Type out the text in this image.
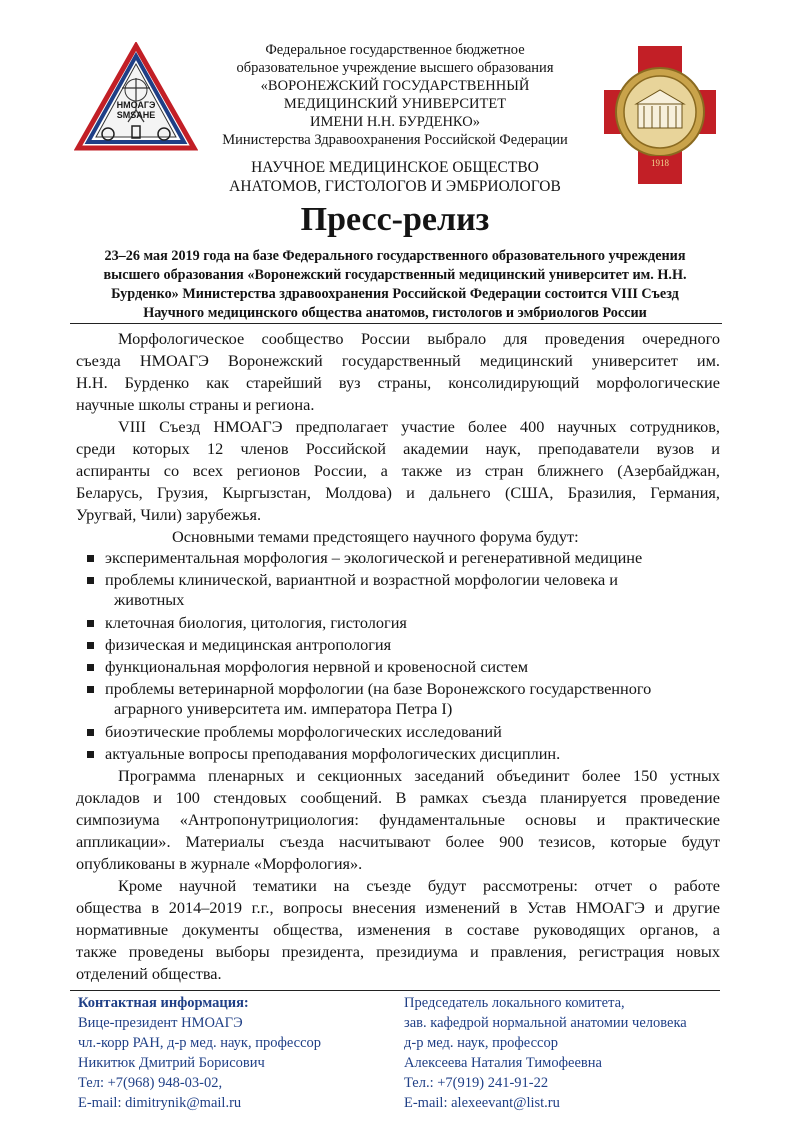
НМОАГЭ
SMSAHE
1918
Федеральное государственное бюджетное
образовательное учреждение высшего образования
«ВОРОНЕЖСКИЙ ГОСУДАРСТВЕННЫЙ
МЕДИЦИНСКИЙ УНИВЕРСИТЕТ
ИМЕНИ Н.Н. БУРДЕНКО»
Министерства Здравоохранения Российской Федерации
НАУЧНОЕ МЕДИЦИНСКОЕ ОБЩЕСТВО
АНАТОМОВ, ГИСТОЛОГОВ И ЭМБРИОЛОГОВ
Пресс-релиз
23–26 мая 2019 года на базе Федерального государственного образовательного учреждения
высшего образования «Воронежский государственный медицинский университет им. Н.Н.
Бурденко» Министерства здравоохранения Российской Федерации состоится VIII Съезд
Научного медицинского общества анатомов, гистологов и эмбриологов России
Морфологическое сообщество России выбрало для проведения очередного
съезда НМОАГЭ Воронежский государственный медицинский университет им.
Н.Н. Бурденко как старейший вуз страны, консолидирующий морфологические
научные школы страны и региона.
VIII Съезд НМОАГЭ предполагает участие более 400 научных сотрудников,
среди которых 12 членов Российской академии наук, преподаватели вузов и
аспиранты со всех регионов России, а также из стран ближнего (Азербайджан,
Беларусь, Грузия, Кыргызстан, Молдова) и дальнего (США, Бразилия, Германия,
Уругвай, Чили) зарубежья.
Основными темами предстоящего научного форума будут:
экспериментальная морфология – экологической и регенеративной медицине
проблемы клинической, вариантной и возрастной морфологии человека и
животных
клеточная биология, цитология, гистология
физическая и медицинская антропология
функциональная морфология нервной и кровеносной систем
проблемы ветеринарной морфологии (на базе Воронежского государственного
аграрного университета им. императора Петра I)
биоэтические проблемы морфологических исследований
актуальные вопросы преподавания морфологических дисциплин.
Программа пленарных и секционных заседаний объединит более 150 устных
докладов и 100 стендовых сообщений. В рамках съезда планируется проведение
симпозиума «Антропонутрициология: фундаментальные основы и практические
аппликации». Материалы съезда насчитывают более 900 тезисов, которые будут
опубликованы в журнале «Морфология».
Кроме научной тематики на съезде будут рассмотрены: отчет о работе
общества в 2014–2019 г.г., вопросы внесения изменений в Устав НМОАГЭ и другие
нормативные документы общества, изменения в составе руководящих органов, а
также проведены выборы президента, президиума и правления, регистрация новых
отделений общества.
Контактная информация:
Вице-президент НМОАГЭ
чл.-корр РАН, д-р мед. наук, профессор
Никитюк Дмитрий Борисович
Тел: +7(968) 948-03-02,
E-mail: dimitrynik@mail.ru
Председатель локального комитета,
зав. кафедрой нормальной анатомии человека
д-р мед. наук, профессор
Алексеева Наталия Тимофеевна
Тел.: +7(919) 241-91-22
E-mail: alexeevant@list.ru
